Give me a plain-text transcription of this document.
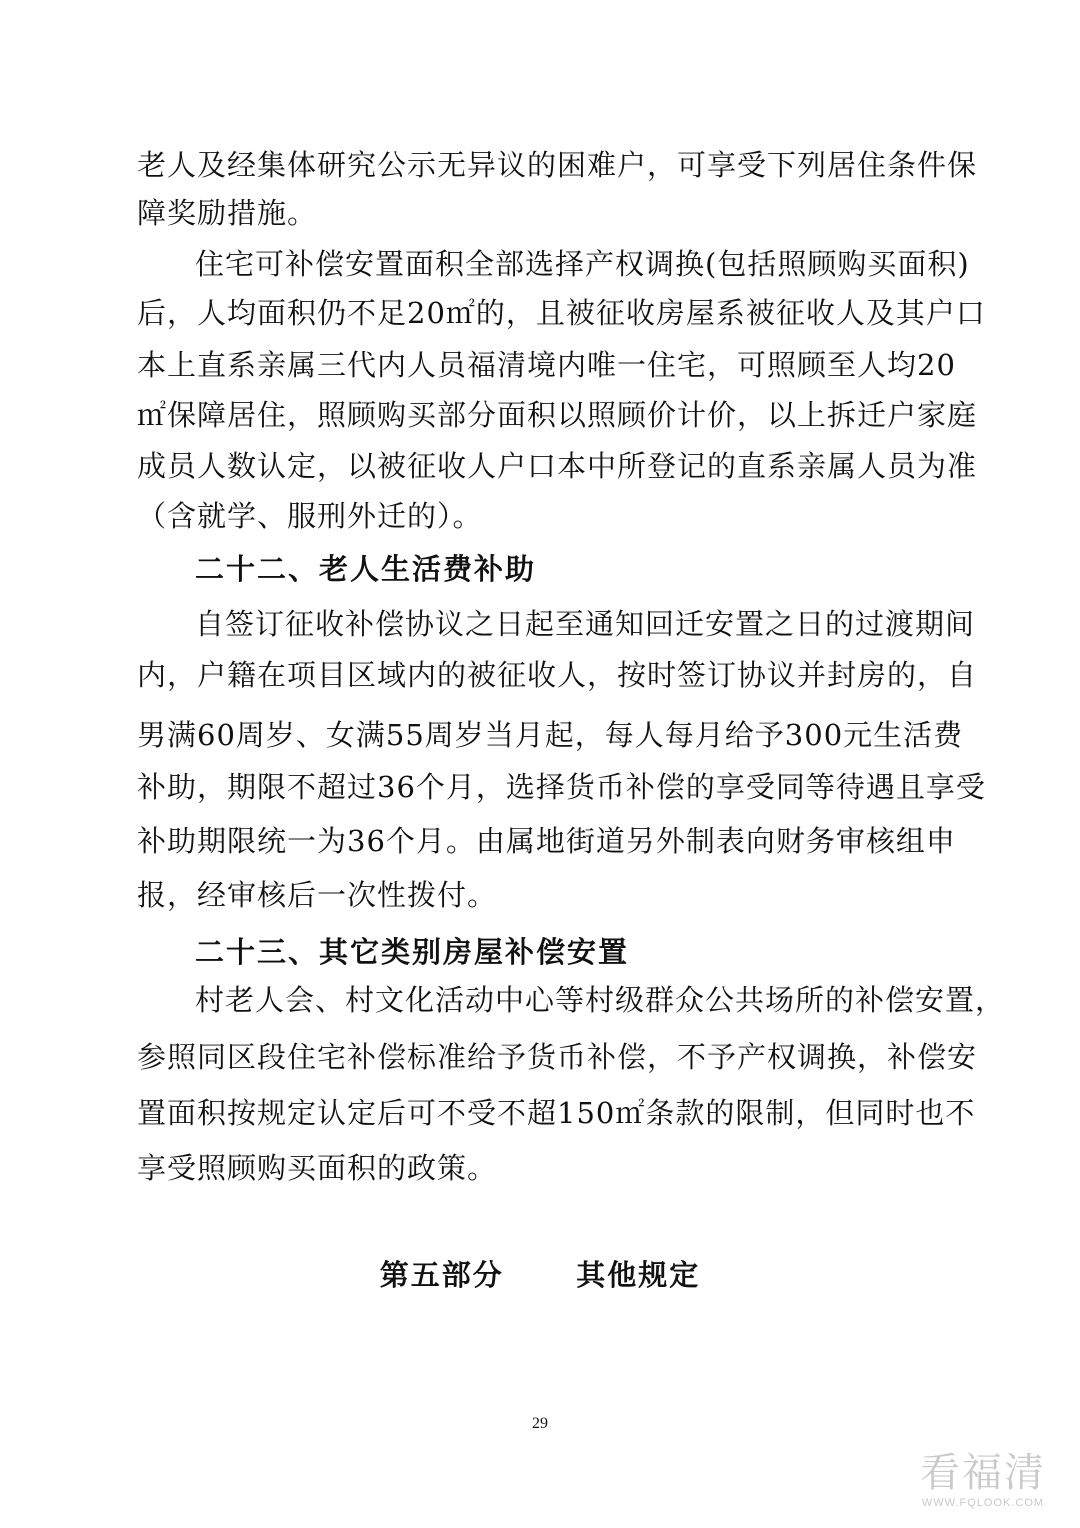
老人及经集体研究公示无异议的困难户，可享受下列居住条件保
障奖励措施。
住宅可补偿安置面积全部选择产权调换(包括照顾购买面积)
后，人均面积仍不足20㎡的，且被征收房屋系被征收人及其户口
本上直系亲属三代内人员福清境内唯一住宅，可照顾至人均20
㎡保障居住，照顾购买部分面积以照顾价计价，以上拆迁户家庭
成员人数认定，以被征收人户口本中所登记的直系亲属人员为准
（含就学、服刑外迁的）。
二十二、老人生活费补助
自签订征收补偿协议之日起至通知回迁安置之日的过渡期间
内，户籍在项目区域内的被征收人，按时签订协议并封房的，自
男满60周岁、女满55周岁当月起，每人每月给予300元生活费
补助，期限不超过36个月，选择货币补偿的享受同等待遇且享受
补助期限统一为36个月。由属地街道另外制表向财务审核组申
报，经审核后一次性拨付。
二十三、其它类别房屋补偿安置
村老人会、村文化活动中心等村级群众公共场所的补偿安置，
参照同区段住宅补偿标准给予货币补偿，不予产权调换，补偿安
置面积按规定认定后可不受不超150㎡条款的限制，但同时也不
享受照顾购买面积的政策。
第五部分	其他规定
29
看福清
WWW.FQLOOK.COM
